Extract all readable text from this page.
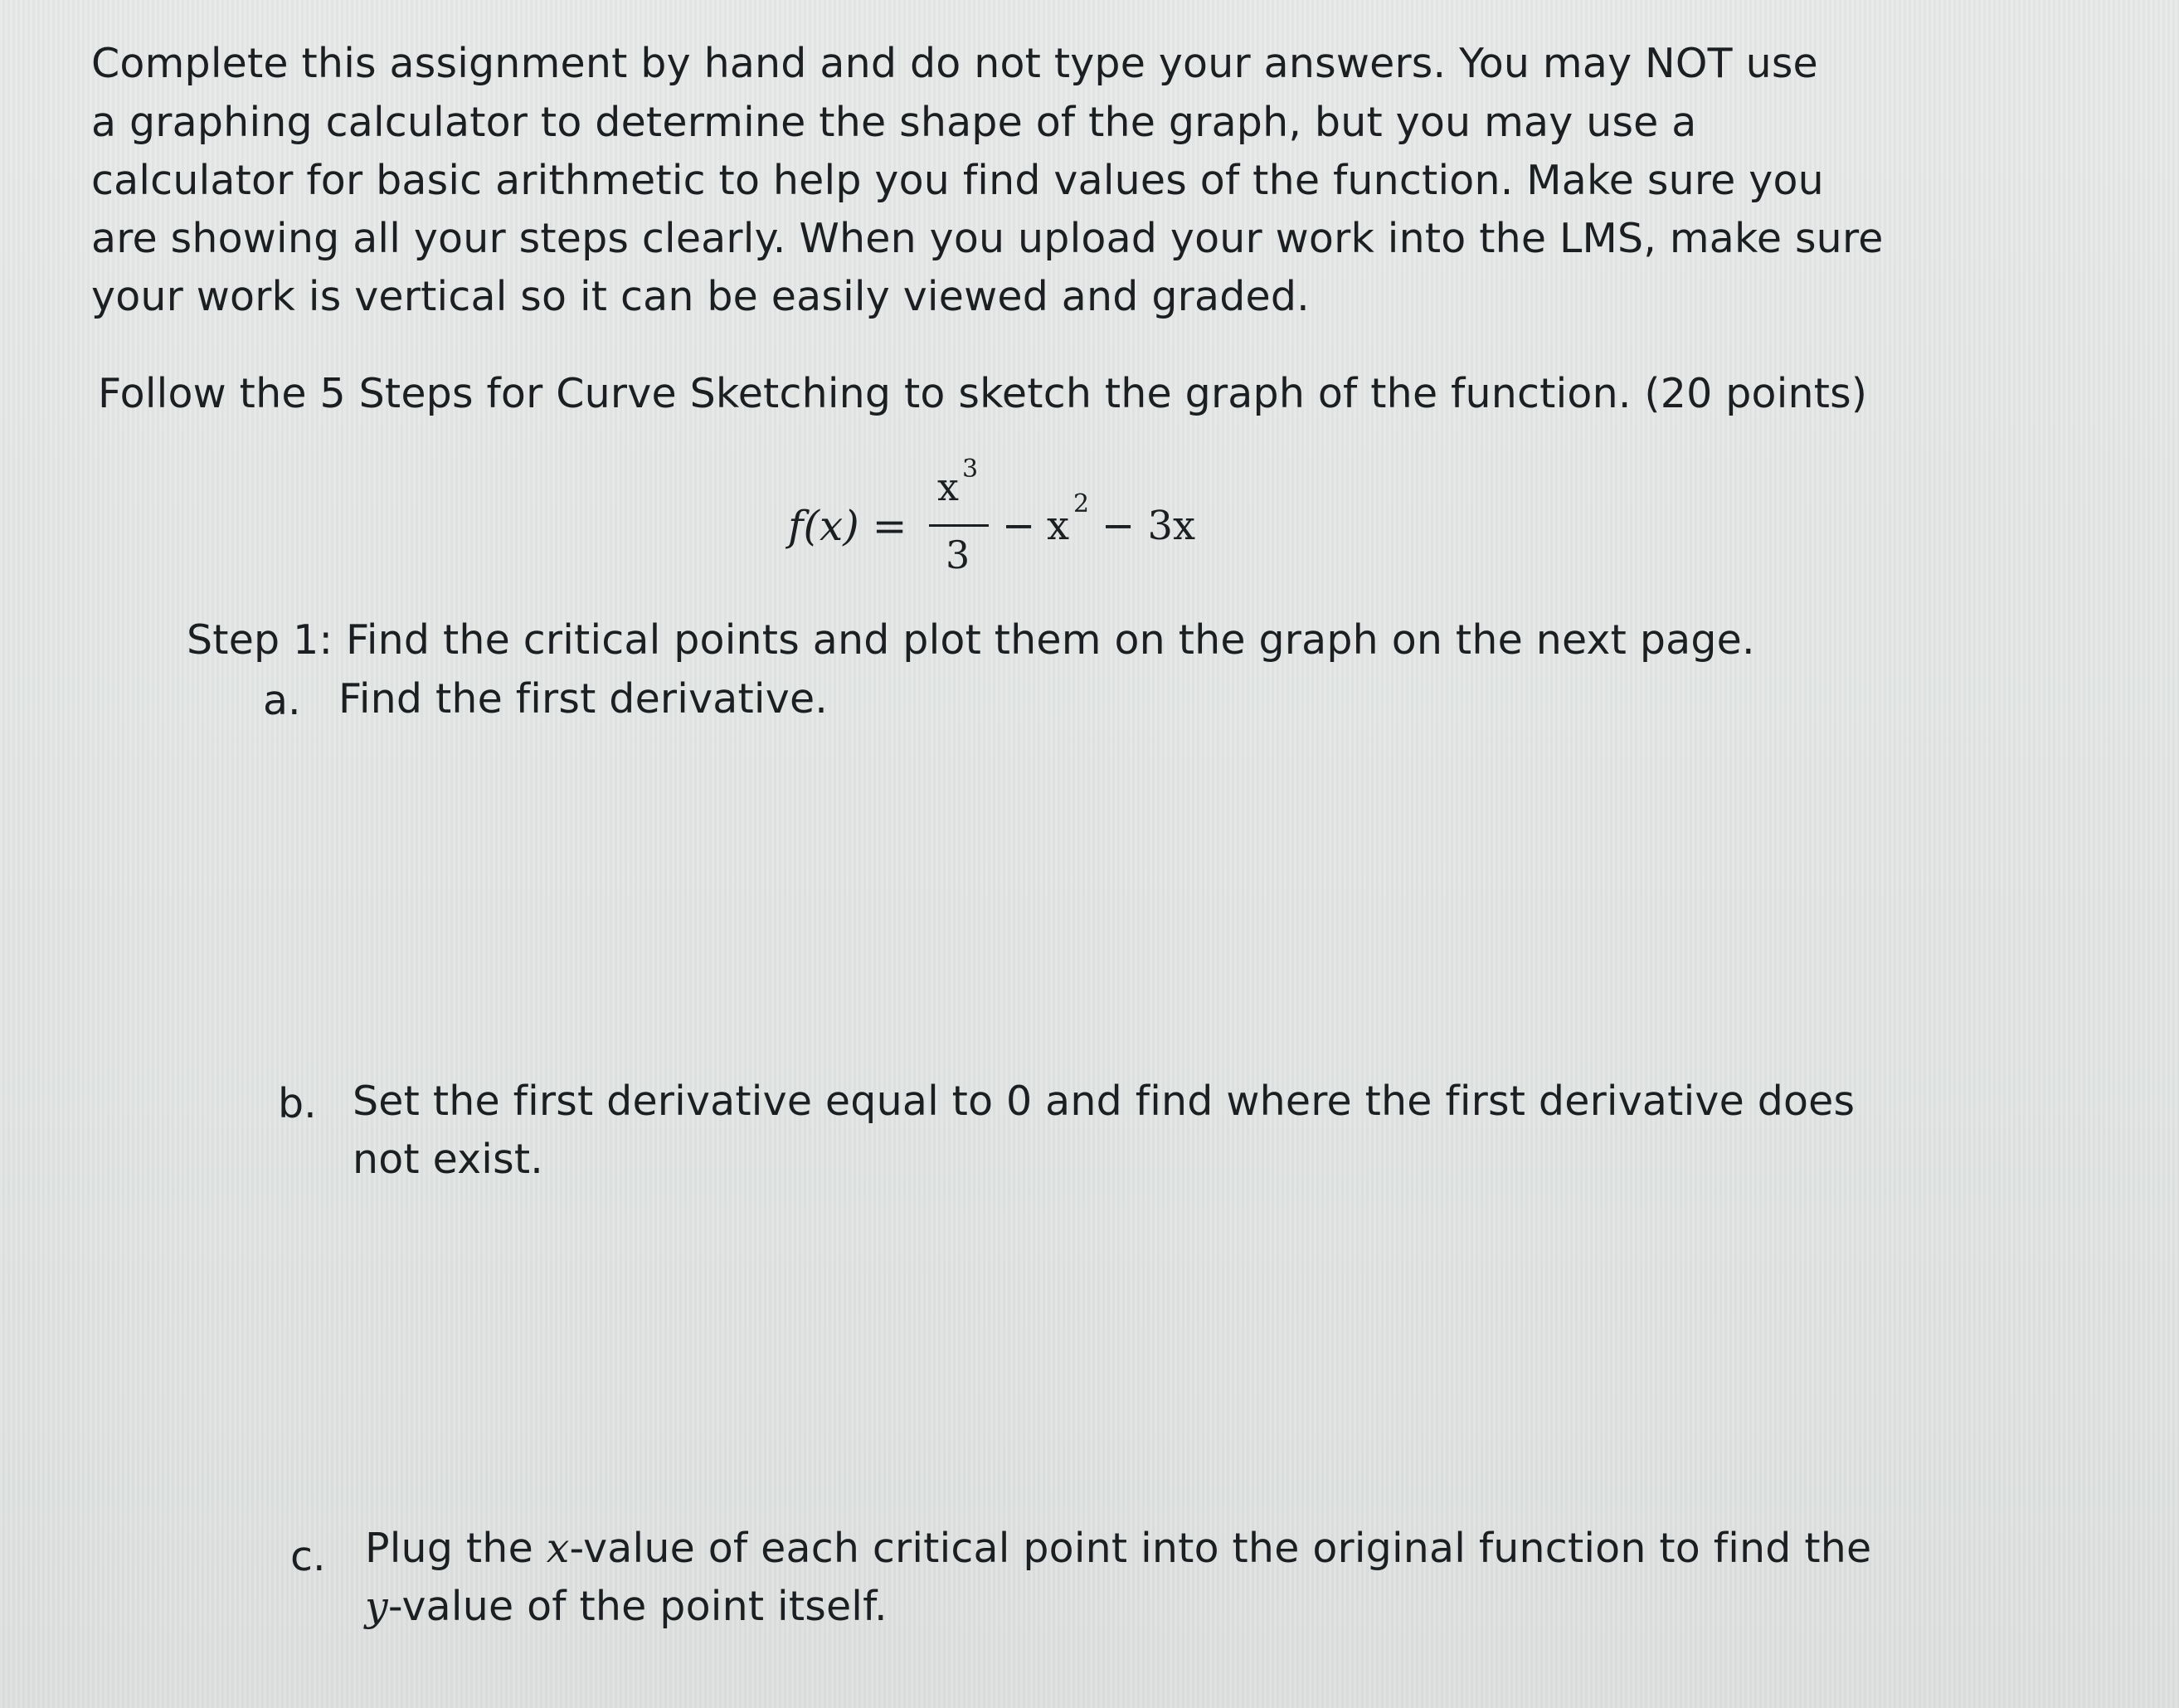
Complete this assignment by hand and do not type your answers. You may NOT use
a graphing calculator to determine the shape of the graph, but you may use a
calculator for basic arithmetic to help you find values of the function. Make sure you
are showing all your steps clearly. When you upload your work into the LMS, make sure
your work is vertical so it can be easily viewed and graded.
Follow the 5 Steps for Curve Sketching to sketch the graph of the function. (20 points)
f(x) =
x 3
3
− x 2 − 3x
Step 1: Find the critical points and plot them on the graph on the next page.
a. Find the first derivative.
b. Set the first derivative equal to 0 and find where the first derivative does
not exist.
c. Plug the x-value of each critical point into the original function to find the
y-value of the point itself.
